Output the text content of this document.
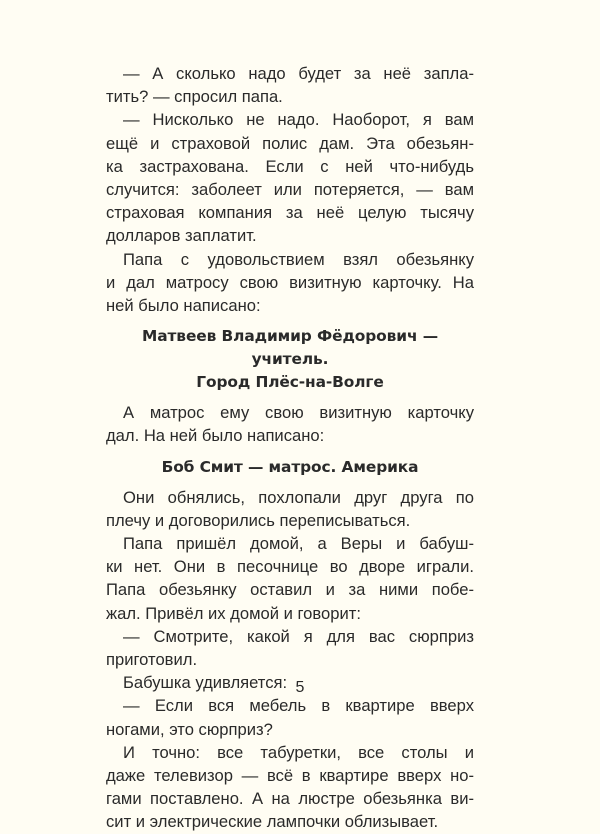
— А сколько надо будет за неё запла-
тить? — спросил папа.

— Нисколько не надо. Наоборот, я вам
ещё и страховой полис дам. Эта обезьян-
ка застрахована. Если с ней что-нибудь
случится: заболеет или потеряется, — вам
страховая компания за неё целую тысячу
долларов заплатит.

Папа с удовольствием взял обезьянку
и дал матросу свою визитную карточку. На
ней было написано:

Матвеев Владимир Фёдорович — учитель.
Город Плёс-на-Волге

А матрос ему свою визитную карточку
дал. На ней было написано:

Боб Смит — матрос. Америка

Они обнялись, похлопали друг друга по
плечу и договорились переписываться.

Папа пришёл домой, а Веры и бабуш-
ки нет. Они в песочнице во дворе играли.
Папа обезьянку оставил и за ними побе-
жал. Привёл их домой и говорит:

— Смотрите, какой я для вас сюрприз
приготовил.

Бабушка удивляется:

— Если вся мебель в квартире вверх
ногами, это сюрприз?

И точно: все табуретки, все столы и
даже телевизор — всё в квартире вверх но-
гами поставлено. А на люстре обезьянка ви-
сит и электрические лампочки облизывает.

5
